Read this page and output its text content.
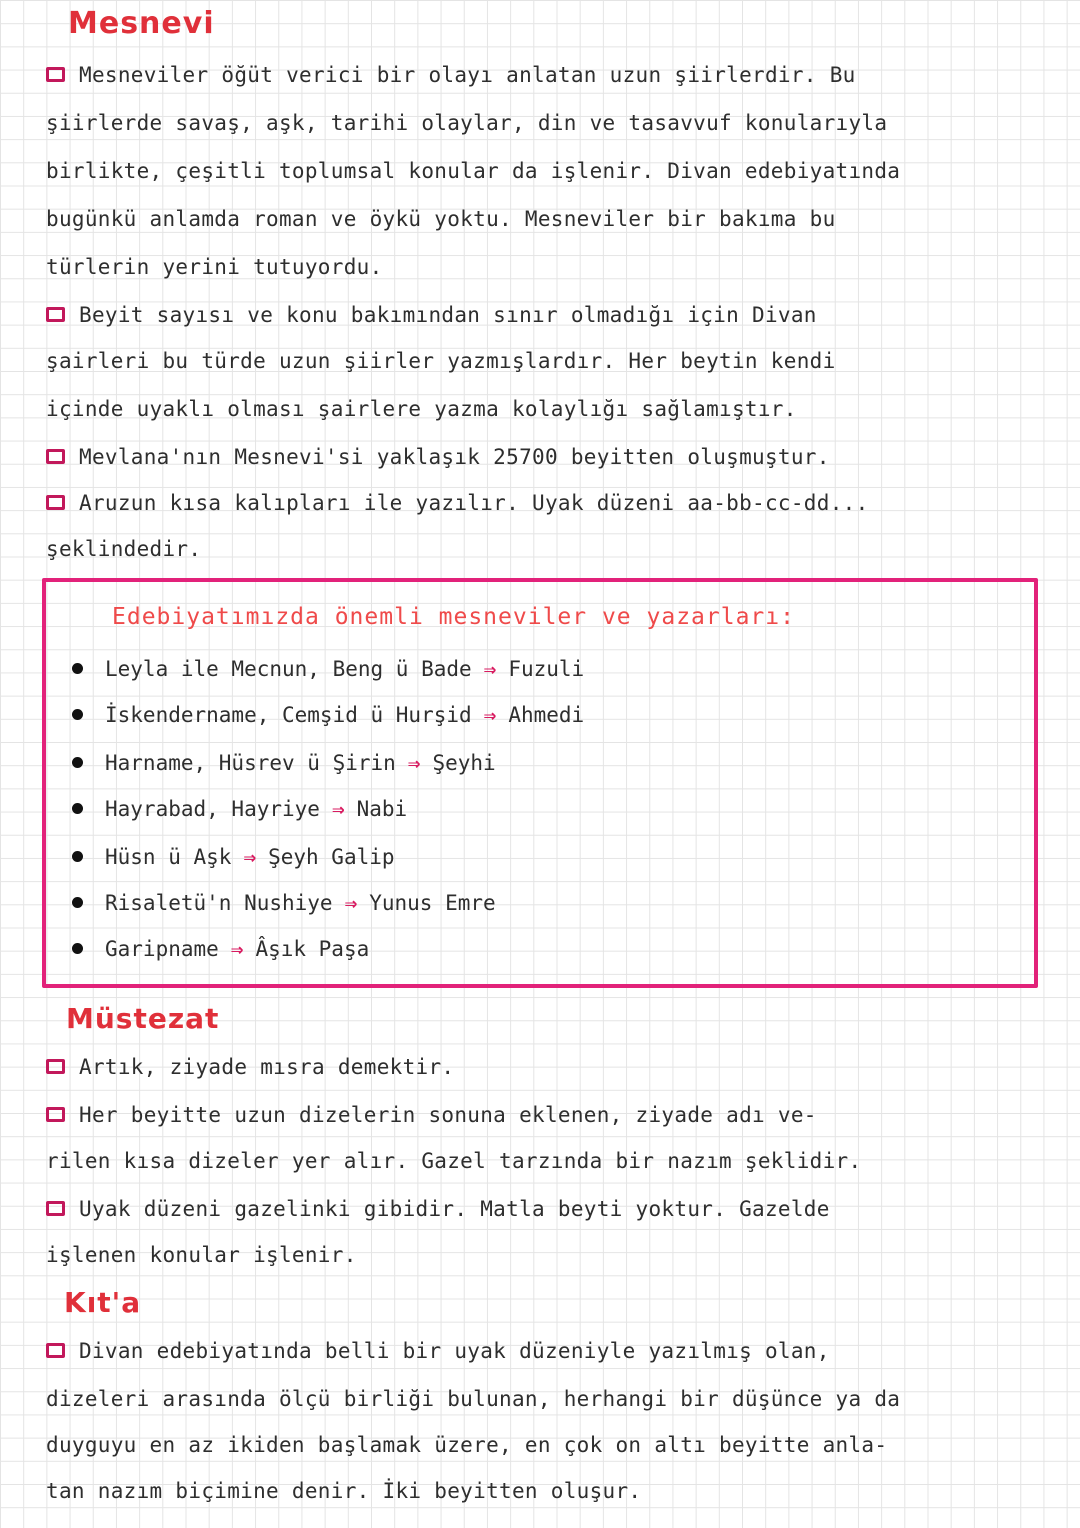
Mesnevi
Mesneviler öğüt verici bir olayı anlatan uzun şiirlerdir. Bu
şiirlerde savaş, aşk, tarihi olaylar, din ve tasavvuf konularıyla
birlikte, çeşitli toplumsal konular da işlenir. Divan edebiyatında
bugünkü anlamda roman ve öykü yoktu. Mesneviler bir bakıma bu
türlerin yerini tutuyordu.
Beyit sayısı ve konu bakımından sınır olmadığı için Divan
şairleri bu türde uzun şiirler yazmışlardır. Her beytin kendi
içinde uyaklı olması şairlere yazma kolaylığı sağlamıştır.
Mevlana'nın Mesnevi'si yaklaşık 25700 beyitten oluşmuştur.
Aruzun kısa kalıpları ile yazılır. Uyak düzeni aa-bb-cc-dd...
şeklindedir.
Edebiyatımızda önemli mesneviler ve yazarları:
Leyla ile Mecnun, Beng ü Bade ⇒ Fuzuli
İskendername, Cemşid ü Hurşid ⇒ Ahmedi
Harname, Hüsrev ü Şirin ⇒ Şeyhi
Hayrabad, Hayriye ⇒ Nabi
Hüsn ü Aşk ⇒ Şeyh Galip
Risaletü'n Nushiye ⇒ Yunus Emre
Garipname ⇒ Âşık Paşa
Müstezat
Artık, ziyade mısra demektir.
Her beyitte uzun dizelerin sonuna eklenen, ziyade adı ve-
rilen kısa dizeler yer alır. Gazel tarzında bir nazım şeklidir.
Uyak düzeni gazelinki gibidir. Matla beyti yoktur. Gazelde
işlenen konular işlenir.
Kıt'a
Divan edebiyatında belli bir uyak düzeniyle yazılmış olan,
dizeleri arasında ölçü birliği bulunan, herhangi bir düşünce ya da
duyguyu en az ikiden başlamak üzere, en çok on altı beyitte anla-
tan nazım biçimine denir. İki beyitten oluşur.
